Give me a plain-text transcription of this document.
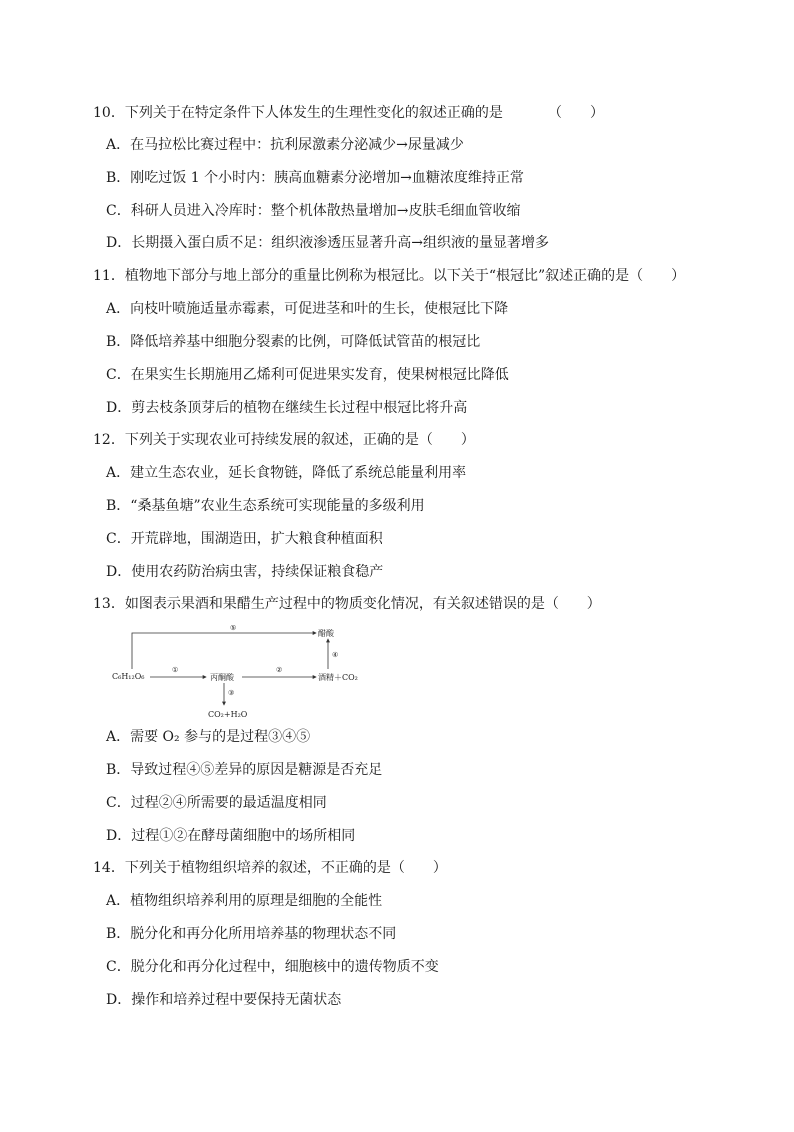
10．下列关于在特定条件下人体发生的生理性变化的叙述正确的是	（　　）
A．在马拉松比赛过程中：抗利尿激素分泌减少→尿量减少
B．刚吃过饭 1 个小时内：胰高血糖素分泌增加→血糖浓度维持正常
C．科研人员进入冷库时：整个机体散热量增加→皮肤毛细血管收缩
D．长期摄入蛋白质不足：组织液渗透压显著升高→组织液的量显著增多
11．植物地下部分与地上部分的重量比例称为根冠比。以下关于“根冠比”叙述正确的是（　　）
A．向枝叶喷施适量赤霉素，可促进茎和叶的生长，使根冠比下降
B．降低培养基中细胞分裂素的比例，可降低试管苗的根冠比
C．在果实生长期施用乙烯利可促进果实发育，使果树根冠比降低
D．剪去枝条顶芽后的植物在继续生长过程中根冠比将升高
12．下列关于实现农业可持续发展的叙述，正确的是（　　）
A．建立生态农业，延长食物链，降低了系统总能量利用率
B．“桑基鱼塘”农业生态系统可实现能量的多级利用
C．开荒辟地，围湖造田，扩大粮食种植面积
D．使用农药防治病虫害，持续保证粮食稳产
13．如图表示果酒和果醋生产过程中的物质变化情况，有关叙述错误的是（　　）
C₆H₁₂O₆
⑤
醋酸
①
丙酮酸
②
酒精＋CO₂
④
③
CO₂+H₂O
A．需要 O₂ 参与的是过程③④⑤
B．导致过程④⑤差异的原因是糖源是否充足
C．过程②④所需要的最适温度相同
D．过程①②在酵母菌细胞中的场所相同
14．下列关于植物组织培养的叙述，不正确的是（　　）
A．植物组织培养利用的原理是细胞的全能性
B．脱分化和再分化所用培养基的物理状态不同
C．脱分化和再分化过程中，细胞核中的遗传物质不变
D．操作和培养过程中要保持无菌状态
